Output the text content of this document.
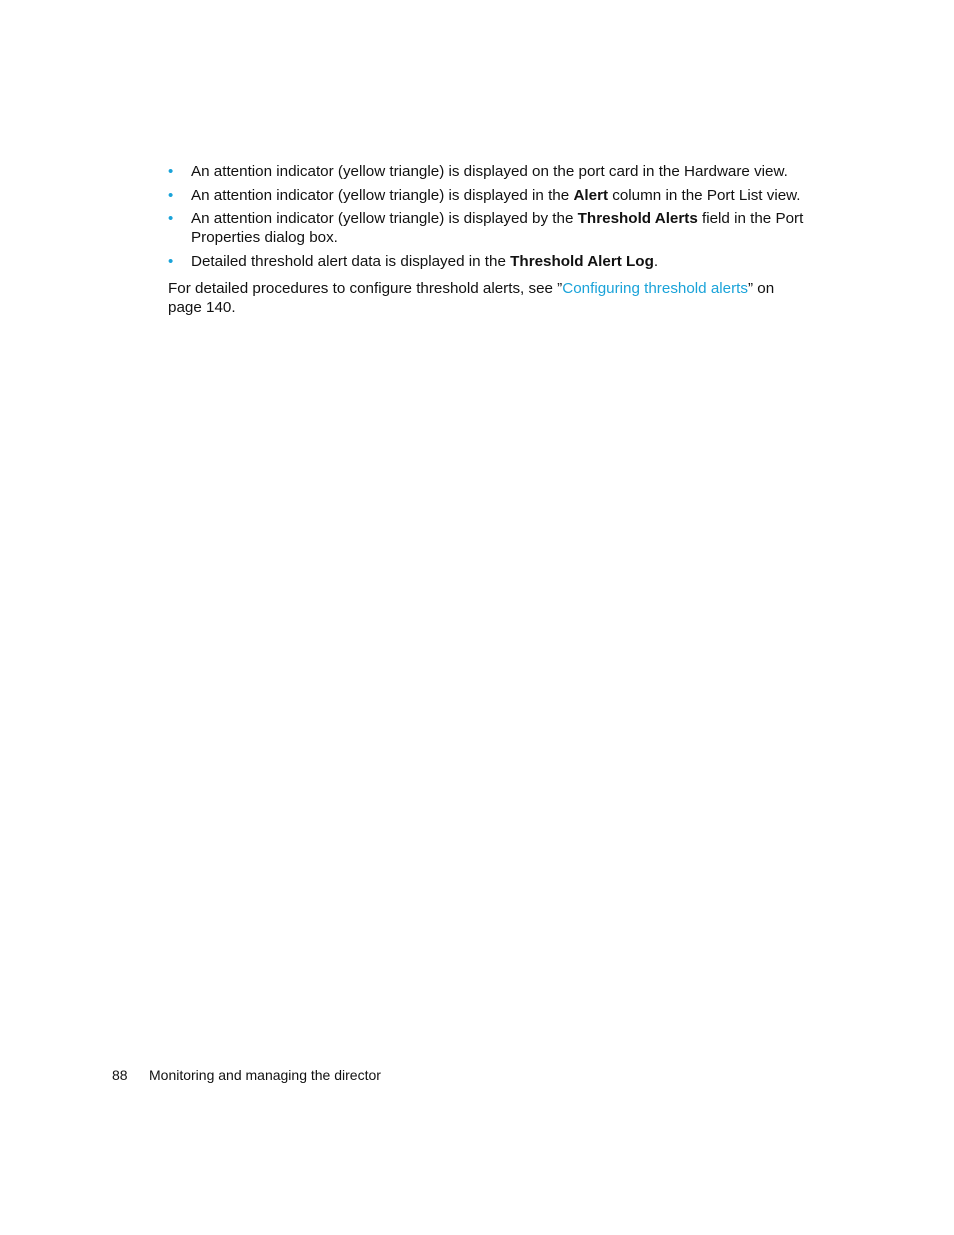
• An attention indicator (yellow triangle) is displayed on the port card in the Hardware view.
• An attention indicator (yellow triangle) is displayed in the Alert column in the Port List view.
• An attention indicator (yellow triangle) is displayed by the Threshold Alerts field in the Port Properties dialog box.
• Detailed threshold alert data is displayed in the Threshold Alert Log.

For detailed procedures to configure threshold alerts, see ”Configuring threshold alerts” on page 140.

88 Monitoring and managing the director
